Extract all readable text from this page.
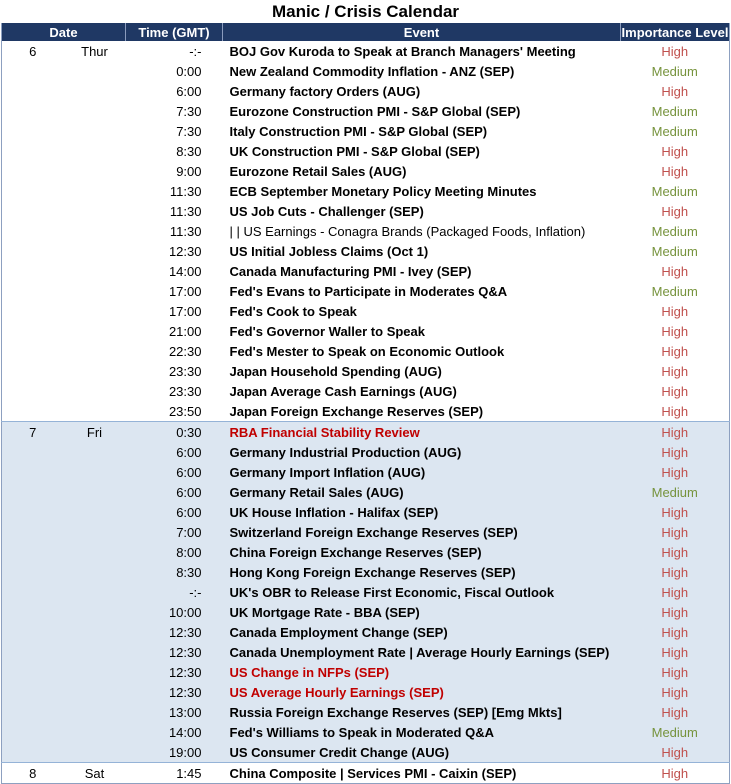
Manic / Crisis Calendar
Date		Time (GMT)	Event	Importance Level
6	Thur	-:-	BOJ Gov Kuroda to Speak at Branch Managers' Meeting	High
		0:00	New Zealand Commodity Inflation - ANZ (SEP)	Medium
		6:00	Germany factory Orders (AUG)	High
		7:30	Eurozone Construction PMI - S&P Global (SEP)	Medium
		7:30	Italy Construction PMI - S&P Global (SEP)	Medium
		8:30	UK Construction PMI - S&P Global (SEP)	High
		9:00	Eurozone Retail Sales (AUG)	High
		11:30	ECB September Monetary Policy Meeting Minutes	Medium
		11:30	US Job Cuts - Challenger (SEP)	High
		11:30	| | US Earnings - Conagra Brands (Packaged Foods, Inflation)	Medium
		12:30	US Initial Jobless Claims (Oct 1)	Medium
		14:00	Canada Manufacturing PMI - Ivey (SEP)	High
		17:00	Fed's Evans to Participate in Moderates Q&A	Medium
		17:00	Fed's Cook to Speak	High
		21:00	Fed's Governor Waller to Speak	High
		22:30	Fed's Mester to Speak on Economic Outlook	High
		23:30	Japan Household Spending (AUG)	High
		23:30	Japan Average Cash Earnings (AUG)	High
		23:50	Japan Foreign Exchange Reserves (SEP)	High
7	Fri	0:30	RBA Financial Stability Review	High
		6:00	Germany Industrial Production (AUG)	High
		6:00	Germany Import Inflation (AUG)	High
		6:00	Germany Retail Sales (AUG)	Medium
		6:00	UK House Inflation - Halifax (SEP)	High
		7:00	Switzerland Foreign Exchange Reserves (SEP)	High
		8:00	China Foreign Exchange Reserves (SEP)	High
		8:30	Hong Kong Foreign Exchange Reserves (SEP)	High
		-:-	UK's OBR to Release First Economic, Fiscal Outlook	High
		10:00	UK Mortgage Rate - BBA (SEP)	High
		12:30	Canada Employment Change (SEP)	High
		12:30	Canada Unemployment Rate | Average Hourly Earnings (SEP)	High
		12:30	US Change in NFPs (SEP)	High
		12:30	US Average Hourly Earnings (SEP)	High
		13:00	Russia Foreign Exchange Reserves (SEP) [Emg Mkts]	High
		14:00	Fed's Williams to Speak in Moderated Q&A	Medium
		19:00	US Consumer Credit Change (AUG)	High
8	Sat	1:45	China Composite | Services PMI - Caixin (SEP)	High
